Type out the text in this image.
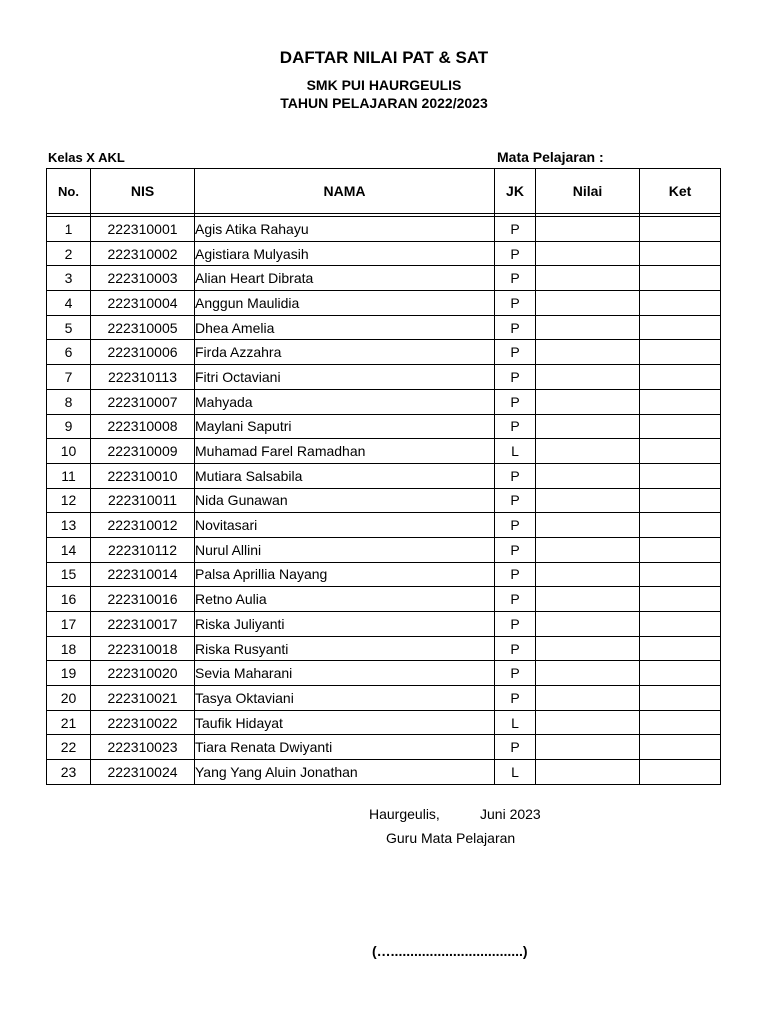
DAFTAR NILAI PAT & SAT
SMK PUI HAURGEULIS
TAHUN PELAJARAN 2022/2023
Kelas X AKL	Mata Pelajaran :
No.	NIS	NAMA	JK	Nilai	Ket

1	222310001	Agis Atika Rahayu	P		
2	222310002	Agistiara Mulyasih	P		
3	222310003	Alian Heart Dibrata	P		
4	222310004	Anggun Maulidia	P		
5	222310005	Dhea Amelia	P		
6	222310006	Firda Azzahra	P		
7	222310113	Fitri Octaviani	P		
8	222310007	Mahyada	P		
9	222310008	Maylani Saputri	P		
10	222310009	Muhamad Farel Ramadhan	L		
11	222310010	Mutiara Salsabila	P		
12	222310011	Nida Gunawan	P		
13	222310012	Novitasari	P		
14	222310112	Nurul Allini	P		
15	222310014	Palsa Aprillia Nayang	P		
16	222310016	Retno Aulia	P		
17	222310017	Riska Juliyanti	P		
18	222310018	Riska Rusyanti	P		
19	222310020	Sevia Maharani	P		
20	222310021	Tasya Oktaviani	P		
21	222310022	Taufik Hidayat	L		
22	222310023	Tiara Renata Dwiyanti	P		
23	222310024	Yang Yang Aluin Jonathan	L		
Haurgeulis,	Juni 2023
Guru Mata Pelajaran
(…..................................)
